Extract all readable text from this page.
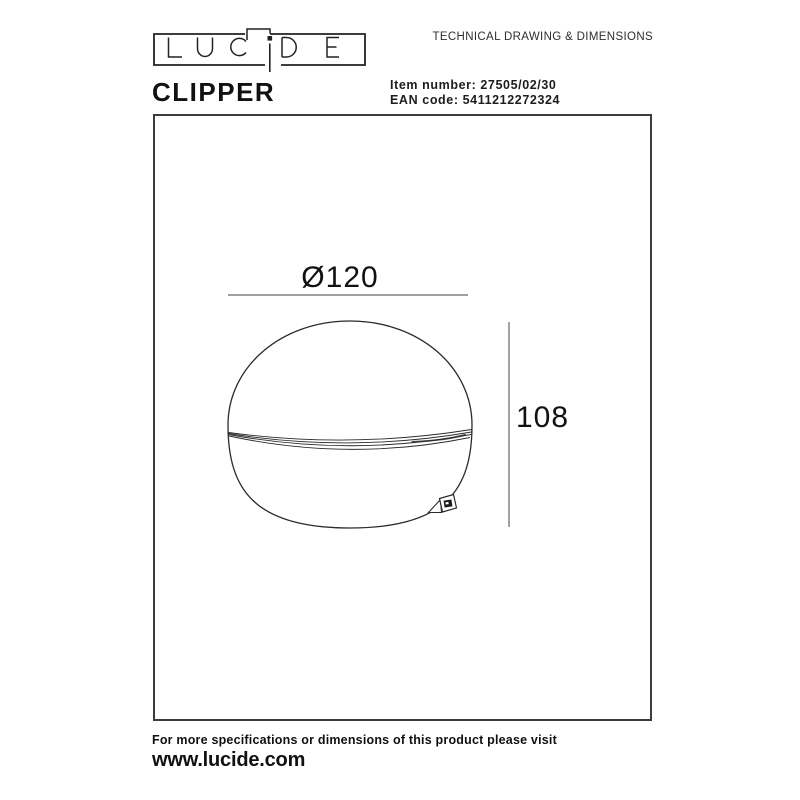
TECHNICAL DRAWING & DIMENSIONS
CLIPPER	Item number: 27505/02/30
EAN code: 5411212272324
Ø120
108
For more specifications or dimensions of this product please visit
www.lucide.com
